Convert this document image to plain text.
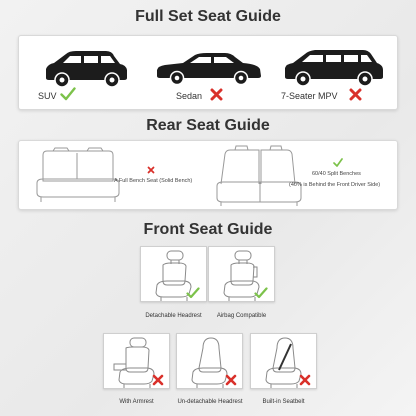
Full Set Seat Guide
SUV	Sedan	7-Seater MPV
Rear Seat Guide
A Full Bench Seat (Solid Bench)
60/40 Split Benches
(40% is Behind the Front Driver Side)
Front Seat Guide
Detachable Headrest	Airbag Compatible
With Armrest	Un-detachable Headrest	Built-in Seatbelt
